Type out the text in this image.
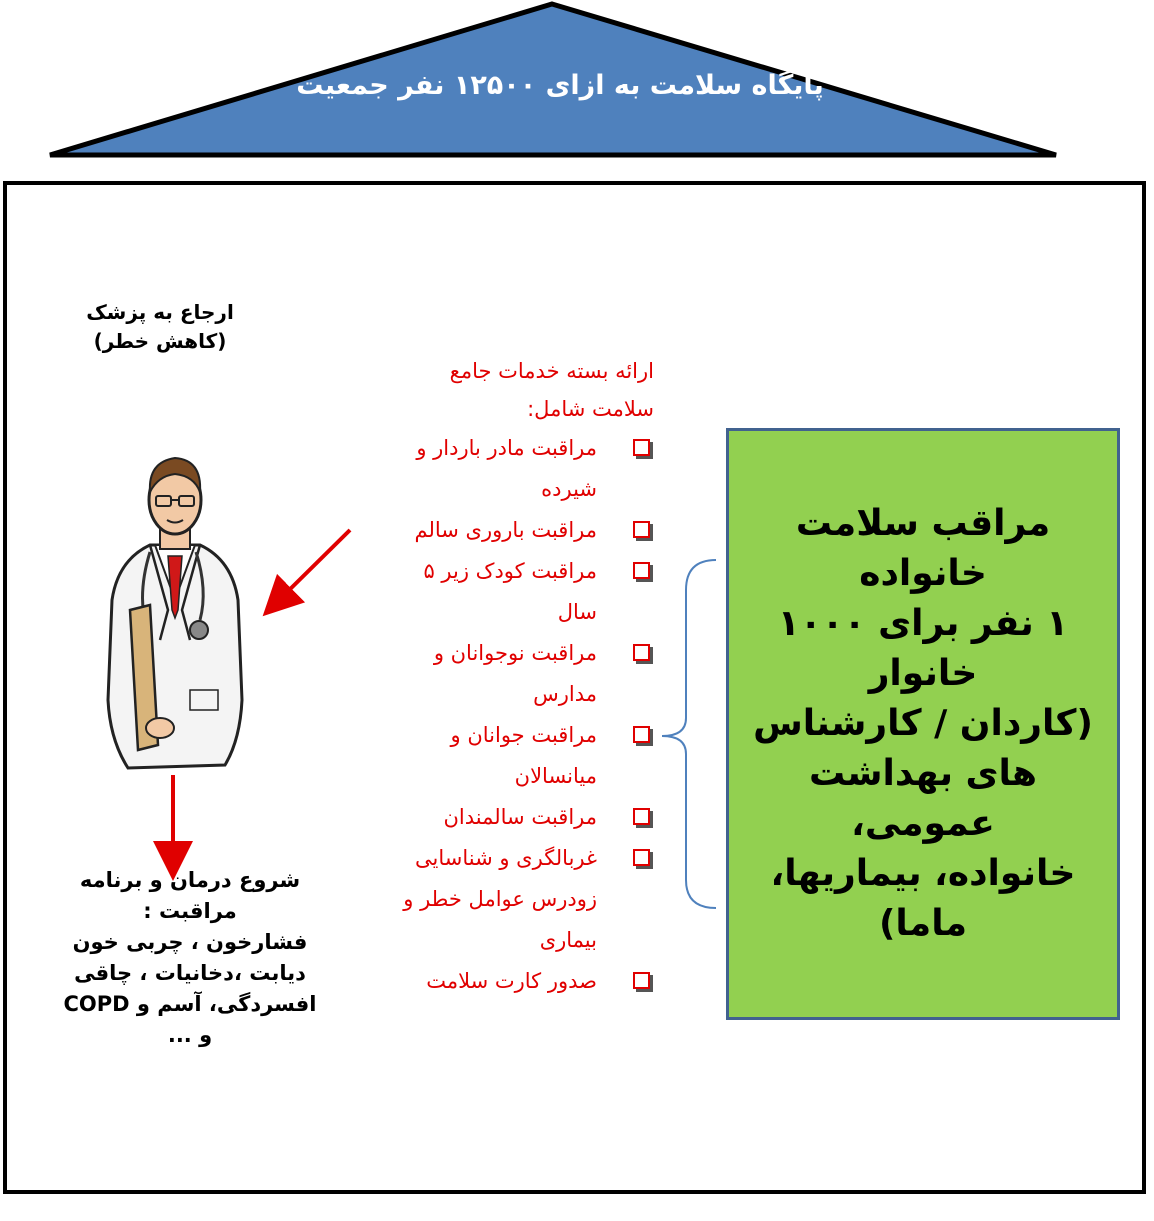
پایگاه سلامت به ازای ۱۲۵۰۰ نفر جمعیت
ارجاع به پزشک
(کاهش خطر)
ارائه بسته خدمات جامع
سلامت شامل:
مراقبت مادر باردار و شیرده
مراقبت باروری سالم
مراقبت کودک زیر ۵ سال
مراقبت نوجوانان و مدارس
مراقبت جوانان و میانسالان
مراقبت سالمندان
غربالگری و شناسایی زودرس عوامل خطر و بیماری
صدور کارت سلامت
مراقب سلامت خانواده
۱ نفر برای ۱۰۰۰ خانوار
(کاردان / کارشناس
های بهداشت عمومی،
خانواده، بیماریها، ماما)
شروع درمان و برنامه
مراقبت :
فشارخون ، چربی خون
دیابت ،دخانیات ، چاقی
افسردگی، آسم و COPD
و ...
